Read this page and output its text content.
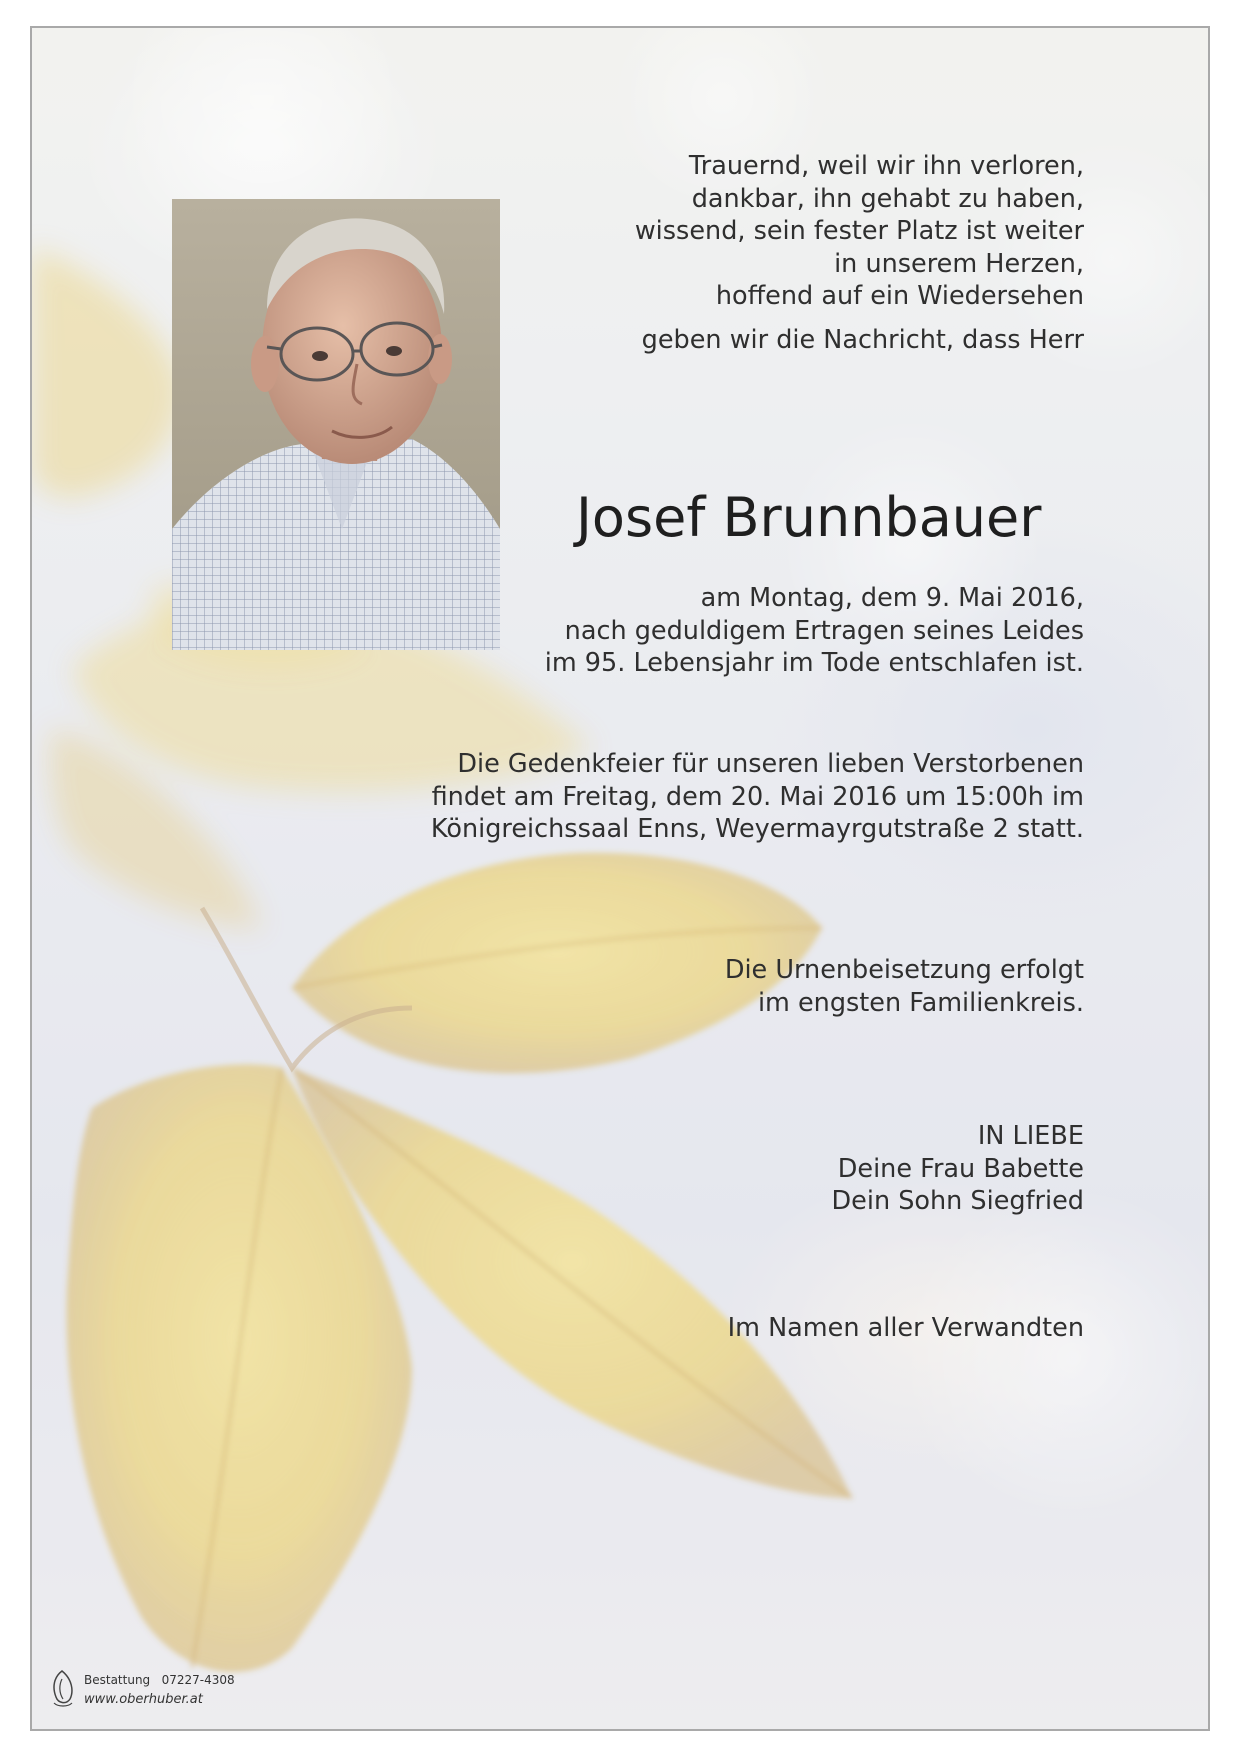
Trauernd, weil wir ihn verloren,
dankbar, ihn gehabt zu haben,
wissend, sein fester Platz ist weiter
in unserem Herzen,
hoffend auf ein Wiedersehen
geben wir die Nachricht, dass Herr
Josef Brunnbauer
am Montag, dem 9. Mai 2016,
nach geduldigem Ertragen seines Leides
im 95. Lebensjahr im Tode entschlafen ist.
Die Gedenkfeier für unseren lieben Verstorbenen
findet am Freitag, dem 20. Mai 2016 um 15:00h im
Königreichssaal Enns, Weyermayrgutstraße 2 statt.
Die Urnenbeisetzung erfolgt
im engsten Familienkreis.
IN LIEBE
Deine Frau Babette
Dein Sohn Siegfried
Im Namen aller Verwandten
Bestattung 07227-4308
www.oberhuber.at
